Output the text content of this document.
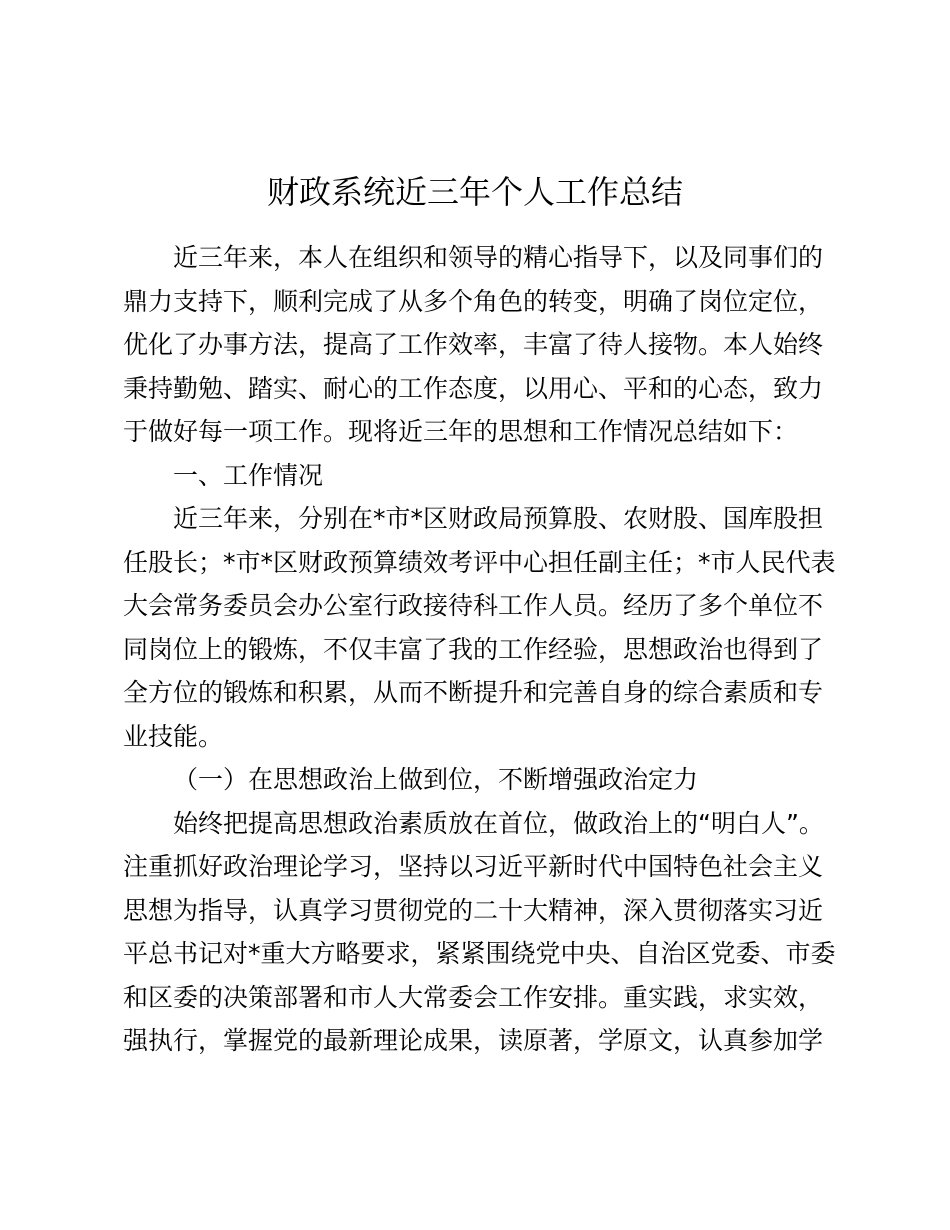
财政系统近三年个人工作总结
近三年来，本人在组织和领导的精心指导下，以及同事们的
鼎力支持下，顺利完成了从多个角色的转变，明确了岗位定位，
优化了办事方法，提高了工作效率，丰富了待人接物。本人始终
秉持勤勉、踏实、耐心的工作态度，以用心、平和的心态，致力
于做好每一项工作。现将近三年的思想和工作情况总结如下：
一、工作情况
近三年来，分别在*市*区财政局预算股、农财股、国库股担
任股长；*市*区财政预算绩效考评中心担任副主任；*市人民代表
大会常务委员会办公室行政接待科工作人员。经历了多个单位不
同岗位上的锻炼，不仅丰富了我的工作经验，思想政治也得到了
全方位的锻炼和积累，从而不断提升和完善自身的综合素质和专
业技能。
（一）在思想政治上做到位，不断增强政治定力
始终把提高思想政治素质放在首位，做政治上的“明白人”。
注重抓好政治理论学习，坚持以习近平新时代中国特色社会主义
思想为指导，认真学习贯彻党的二十大精神，深入贯彻落实习近
平总书记对*重大方略要求，紧紧围绕党中央、自治区党委、市委
和区委的决策部署和市人大常委会工作安排。重实践，求实效，
强执行，掌握党的最新理论成果，读原著，学原文，认真参加学
